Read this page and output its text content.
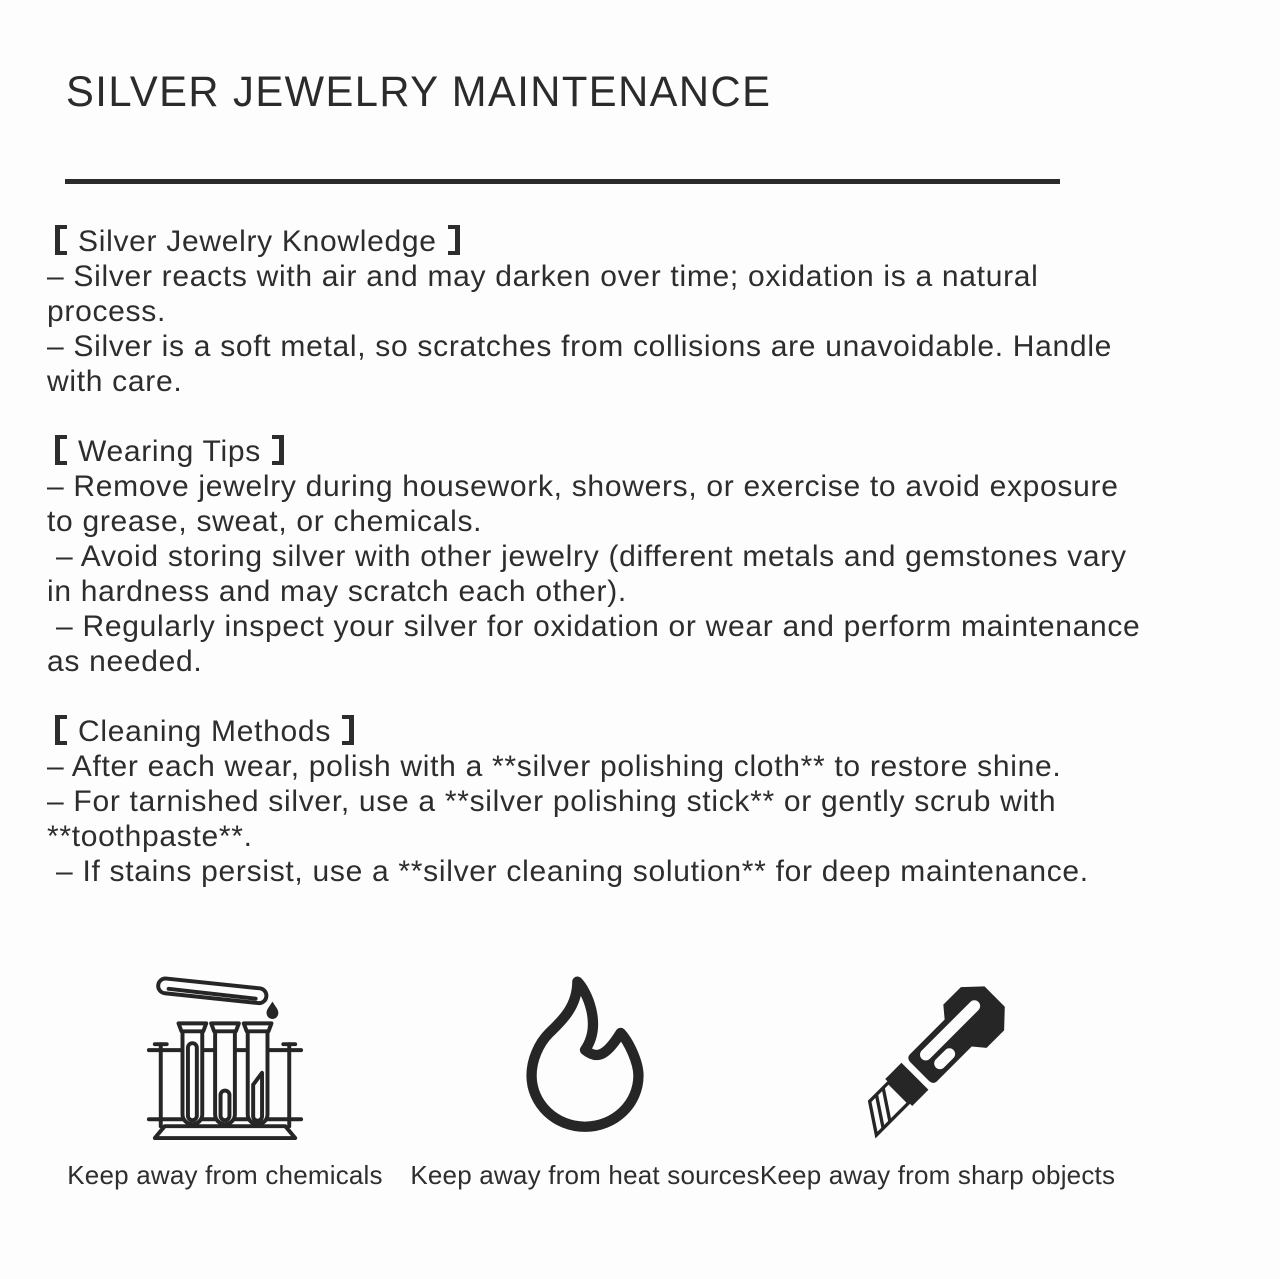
SILVER JEWELRY MAINTENANCE
Silver Jewelry Knowledge
– Silver reacts with air and may darken over time; oxidation is a natural
process.
– Silver is a soft metal, so scratches from collisions are unavoidable. Handle
with care.
Wearing Tips
– Remove jewelry during housework, showers, or exercise to avoid exposure
to grease, sweat, or chemicals.
– Avoid storing silver with other jewelry (different metals and gemstones vary
in hardness and may scratch each other).
– Regularly inspect your silver for oxidation or wear and perform maintenance
as needed.
Cleaning Methods
– After each wear, polish with a **silver polishing cloth** to restore shine.
– For tarnished silver, use a **silver polishing stick** or gently scrub with
**toothpaste**.
– If stains persist, use a **silver cleaning solution** for deep maintenance.
Keep away from chemicals Keep away from heat sources Keep away from sharp objects
